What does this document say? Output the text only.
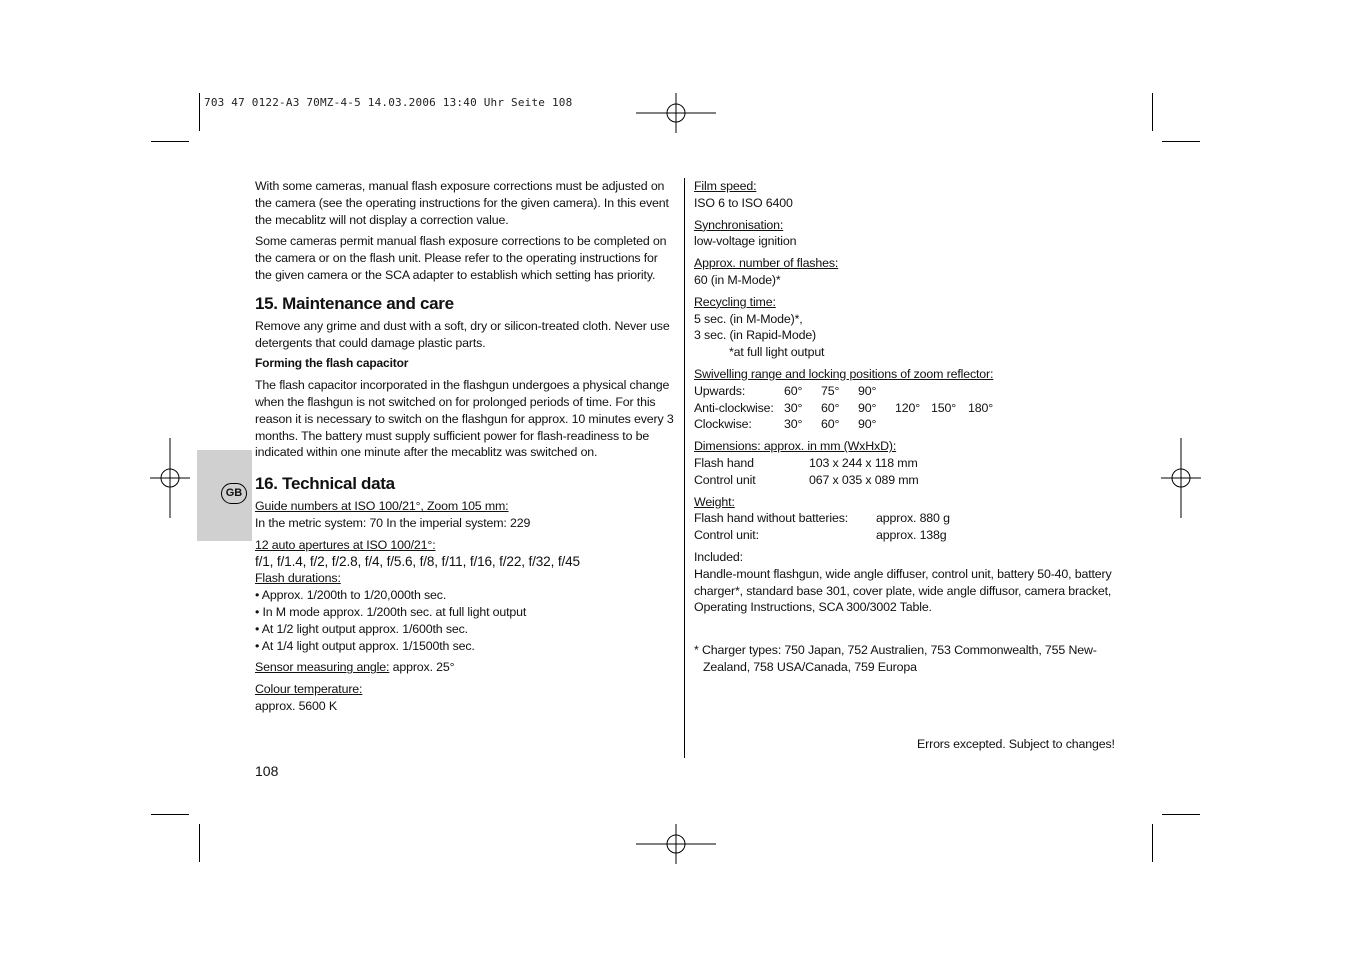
703 47 0122-A3 70MZ-4-5 14.03.2006 13:40 Uhr Seite 108
GB

With some cameras, manual flash exposure corrections must be adjusted on the camera (see the operating instructions for the given camera). In this event the mecablitz will not display a correction value.

Some cameras permit manual flash exposure corrections to be completed on the camera or on the flash unit. Please refer to the operating instructions for the given camera or the SCA adapter to establish which setting has priority.

15. Maintenance and care

Remove any grime and dust with a soft, dry or silicon-treated cloth. Never use detergents that could damage plastic parts.

Forming the flash capacitor

The flash capacitor incorporated in the flashgun undergoes a physical change when the flashgun is not switched on for prolonged periods of time. For this reason it is necessary to switch on the flashgun for approx. 10 minutes every 3 months. The battery must supply sufficient power for flash-readiness to be indicated within one minute after the mecablitz was switched on.

16. Technical data

Guide numbers at ISO 100/21°, Zoom 105 mm:

In the metric system: 70 In the imperial system: 229

12 auto apertures at ISO 100/21°:

f/1, f/1.4, f/2, f/2.8, f/4, f/5.6, f/8, f/11, f/16, f/22, f/32, f/45

Flash durations:

• Approx. 1/200th to 1/20,000th sec.

• In M mode approx. 1/200th sec. at full light output

• At 1/2 light output approx. 1/600th sec.

• At 1/4 light output approx. 1/1500th sec.

Sensor measuring angle: approx. 25°

Colour temperature:

approx. 5600 K

108

Film speed:

ISO 6 to ISO 6400

Synchronisation:

low-voltage ignition

Approx. number of flashes:

60 (in M-Mode)*

Recycling time:

5 sec. (in M-Mode)*,

3 sec. (in Rapid-Mode)

*at full light output

Swivelling range and locking positions of zoom reflector:

Upwards:	60°	75°	90°
Anti-clockwise: 30°	60°	90°	120° 150° 180°
Clockwise:	30°	60°	90°

Dimensions: approx. in mm (WxHxD):

Flash hand	103 x 244 x 118 mm
Control unit	067 x 035 x 089 mm

Weight:

Flash hand without batteries:	approx. 880 g
Control unit:	approx. 138g

Included:

Handle-mount flashgun, wide angle diffuser, control unit, battery 50-40, battery charger*, standard base 301, cover plate, wide angle diffusor, camera bracket, Operating Instructions, SCA 300/3002 Table.

* Charger types: 750 Japan, 752 Australien, 753 Commonwealth, 755 New-Zealand, 758 USA/Canada, 759 Europa

Errors excepted. Subject to changes!
